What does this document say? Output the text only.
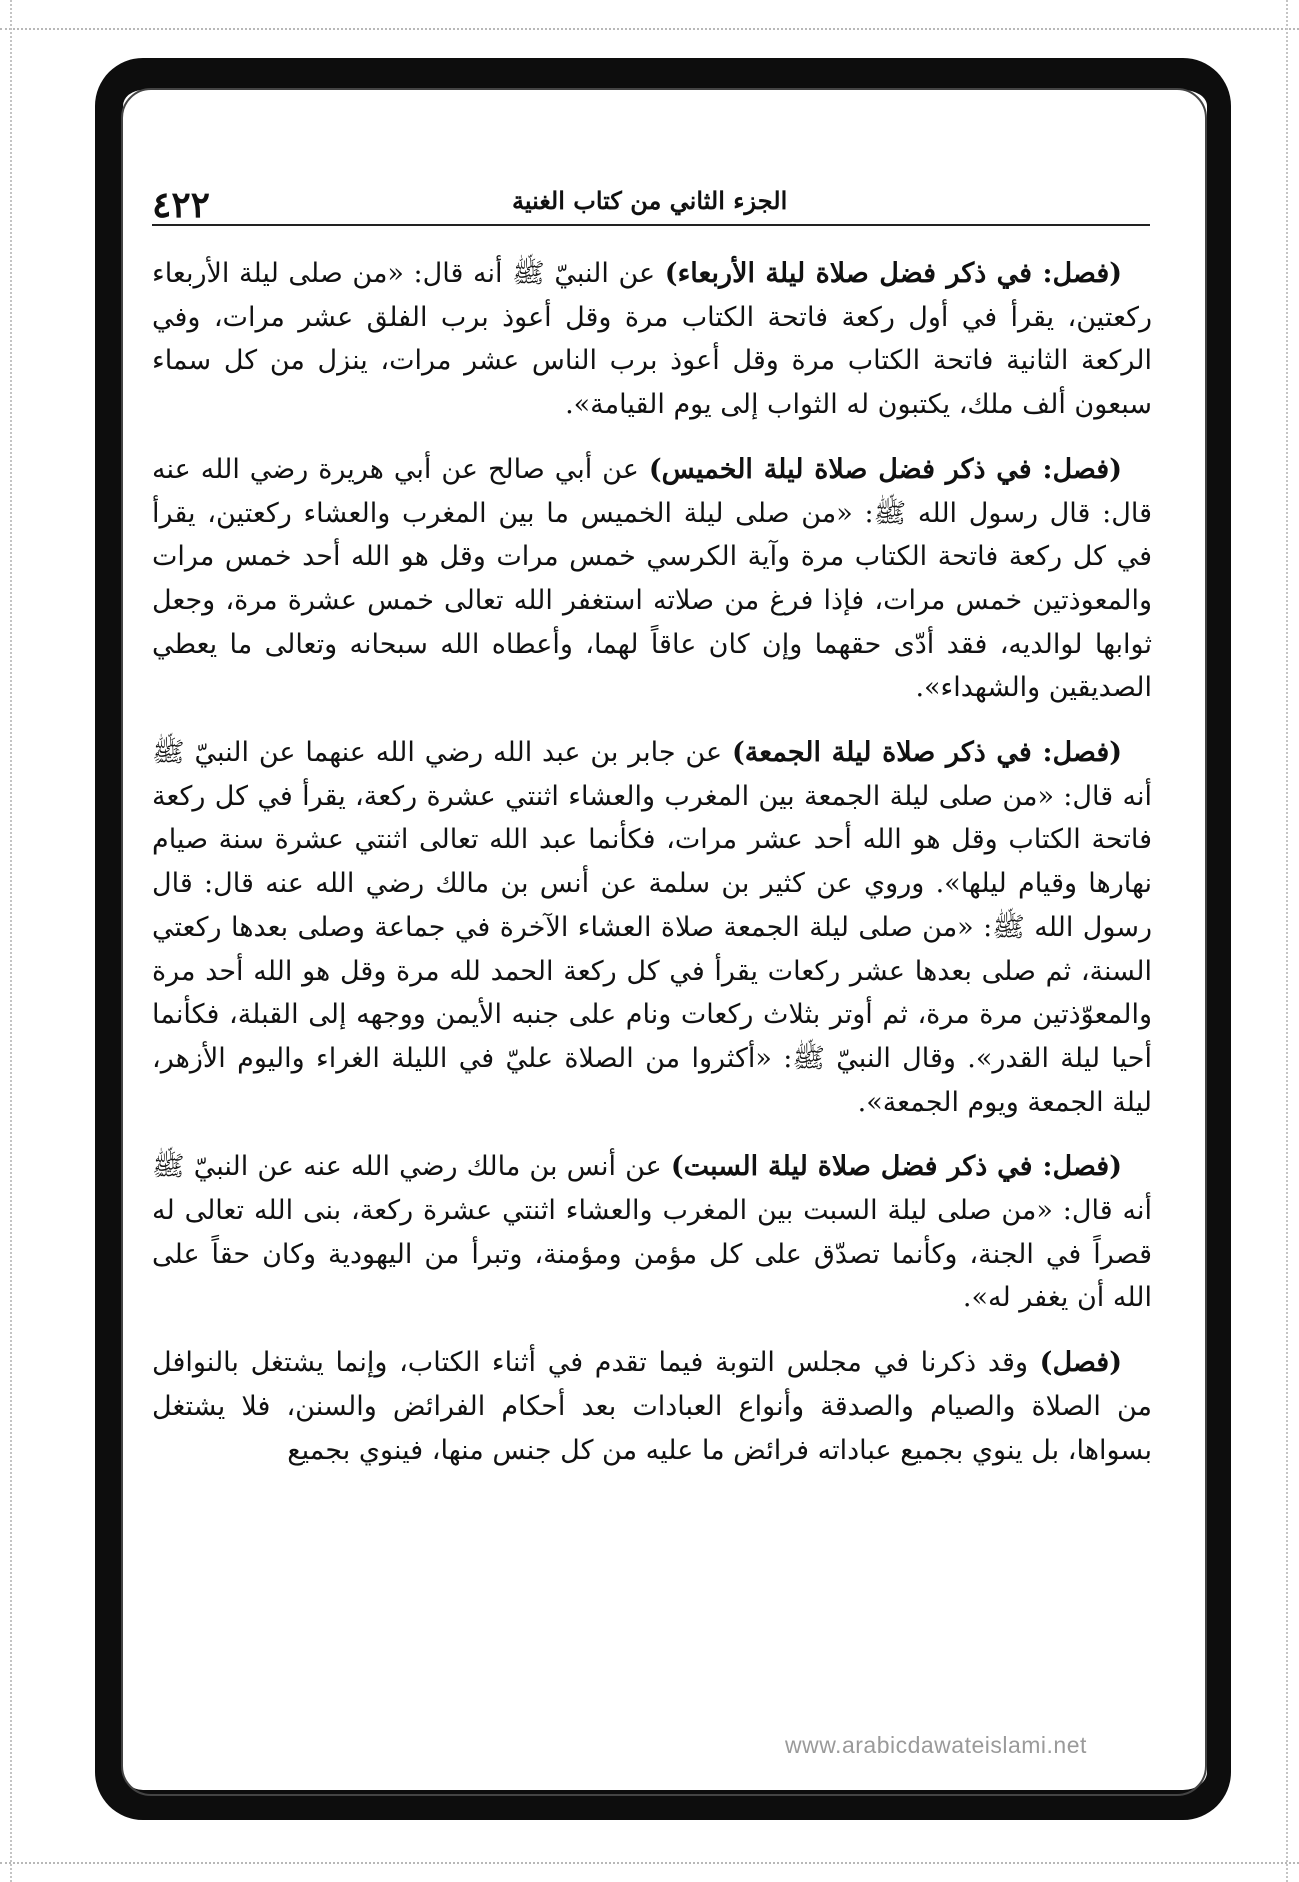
٤٢٢	الجزء الثاني من كتاب الغنية

(فصل: في ذكر فضل صلاة ليلة الأربعاء) عن النبيّ ﷺ أنه قال: «من صلى ليلة الأربعاء ركعتين، يقرأ في أول ركعة فاتحة الكتاب مرة وقل أعوذ برب الفلق عشر مرات، وفي الركعة الثانية فاتحة الكتاب مرة وقل أعوذ برب الناس عشر مرات، ينزل من كل سماء سبعون ألف ملك، يكتبون له الثواب إلى يوم القيامة».

(فصل: في ذكر فضل صلاة ليلة الخميس) عن أبي صالح عن أبي هريرة رضي الله عنه قال: قال رسول الله ﷺ: «من صلى ليلة الخميس ما بين المغرب والعشاء ركعتين، يقرأ في كل ركعة فاتحة الكتاب مرة وآية الكرسي خمس مرات وقل هو الله أحد خمس مرات والمعوذتين خمس مرات، فإذا فرغ من صلاته استغفر الله تعالى خمس عشرة مرة، وجعل ثوابها لوالديه، فقد أدّى حقهما وإن كان عاقاً لهما، وأعطاه الله سبحانه وتعالى ما يعطي الصديقين والشهداء».

(فصل: في ذكر صلاة ليلة الجمعة) عن جابر بن عبد الله رضي الله عنهما عن النبيّ ﷺ أنه قال: «من صلى ليلة الجمعة بين المغرب والعشاء اثنتي عشرة ركعة، يقرأ في كل ركعة فاتحة الكتاب وقل هو الله أحد عشر مرات، فكأنما عبد الله تعالى اثنتي عشرة سنة صيام نهارها وقيام ليلها». وروي عن كثير بن سلمة عن أنس بن مالك رضي الله عنه قال: قال رسول الله ﷺ: «من صلى ليلة الجمعة صلاة العشاء الآخرة في جماعة وصلى بعدها ركعتي السنة، ثم صلى بعدها عشر ركعات يقرأ في كل ركعة الحمد لله مرة وقل هو الله أحد مرة والمعوّذتين مرة مرة، ثم أوتر بثلاث ركعات ونام على جنبه الأيمن ووجهه إلى القبلة، فكأنما أحيا ليلة القدر». وقال النبيّ ﷺ: «أكثروا من الصلاة عليّ في الليلة الغراء واليوم الأزهر، ليلة الجمعة ويوم الجمعة».

(فصل: في ذكر فضل صلاة ليلة السبت) عن أنس بن مالك رضي الله عنه عن النبيّ ﷺ أنه قال: «من صلى ليلة السبت بين المغرب والعشاء اثنتي عشرة ركعة، بنى الله تعالى له قصراً في الجنة، وكأنما تصدّق على كل مؤمن ومؤمنة، وتبرأ من اليهودية وكان حقاً على الله أن يغفر له».

(فصل) وقد ذكرنا في مجلس التوبة فيما تقدم في أثناء الكتاب، وإنما يشتغل بالنوافل من الصلاة والصيام والصدقة وأنواع العبادات بعد أحكام الفرائض والسنن، فلا يشتغل بسواها، بل ينوي بجميع عباداته فرائض ما عليه من كل جنس منها، فينوي بجميع

www.arabicdawateislami.net
